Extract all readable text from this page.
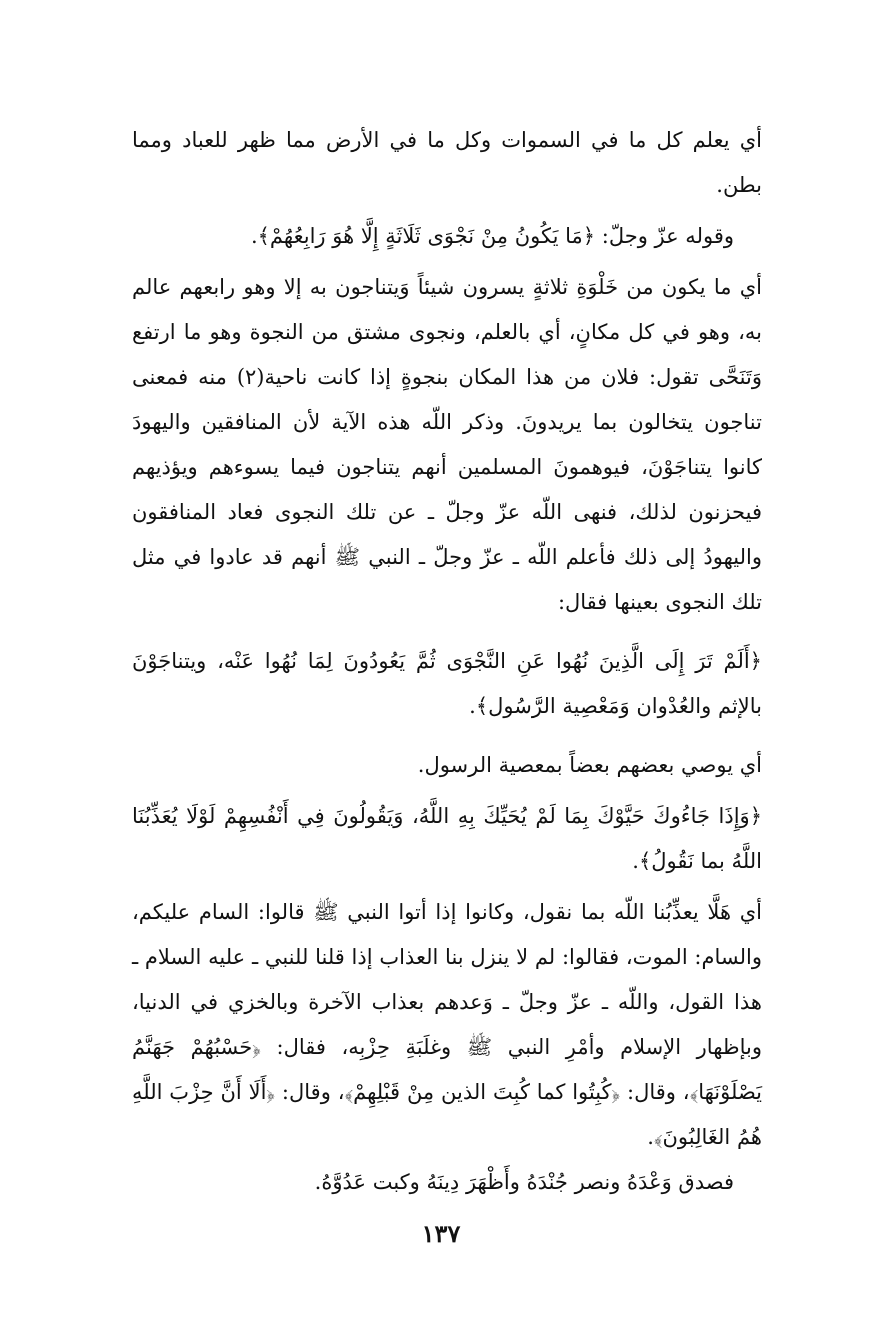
أي يعلم كل ما في السموات وكل ما في الأرض مما ظهر للعباد ومما بطن.

وقوله عزّ وجلّ: ﴿مَا يَكُونُ مِنْ نَجْوَى ثَلَاثَةٍ إِلَّا هُوَ رَابِعُهُمْ﴾.

أي ما يكون من خَلْوَةِ ثلاثةٍ يسرون شيئاً وَيتناجون به إلا وهو رابعهم عالم به، وهو في كل مكانٍ، أي بالعلم، ونجوى مشتق من النجوة وهو ما ارتفع وَتَنَحَّى تقول: فلان من هذا المكان بنجوةٍ إذا كانت ناحية(٢) منه فمعنى تناجون يتخالون بما يريدونَ. وذكر اللّه هذه الآية لأن المنافقين واليهودَ كانوا يتناجَوْنَ، فيوهمونَ المسلمين أنهم يتناجون فيما يسوءهم ويؤذيهم فيحزنون لذلك، فنهى اللّه عزّ وجلّ ـ عن تلك النجوى فعاد المنافقون واليهودُ إلى ذلك فأعلم اللّه ـ عزّ وجلّ ـ النبي ﷺ أنهم قد عادوا في مثل تلك النجوى بعينها فقال:

﴿أَلَمْ تَرَ إِلَى الَّذِينَ نُهُوا عَنِ النَّجْوَى ثُمَّ يَعُودُونَ لِمَا نُهُوا عَنْه، ويتناجَوْنَ بالإثم والعُدْوان وَمَعْصِية الرَّسُول﴾.

أي يوصي بعضهم بعضاً بمعصية الرسول.

﴿وَإِذَا جَاءُوكَ حَيَّوْكَ بِمَا لَمْ يُحَيِّكَ بِهِ اللَّهُ، وَيَقُولُونَ فِي أَنْفُسِهِمْ لَوْلَا يُعَذِّبُنَا اللَّهُ بما نَقُولُ﴾.

أي هَلَّا يعذِّبُنا اللّه بما نقول، وكانوا إذا أتوا النبي ﷺ قالوا: السام عليكم، والسام: الموت، فقالوا: لم لا ينزل بنا العذاب إذا قلنا للنبي ـ عليه السلام ـ هذا القول، واللّه ـ عزّ وجلّ ـ وَعدهم بعذاب الآخرة وبالخزي في الدنيا، وبإظهار الإسلام وأمْرِ النبي ﷺ وغلَبَةِ حِزْبِه، فقال: ﴿حَسْبُهُمْ جَهَنَّمُ يَصْلَوْنَهَا﴾، وقال: ﴿كُبِتُوا كما كُبِتَ الذين مِنْ قَبْلِهِمْ﴾، وقال: ﴿أَلَا أَنَّ حِزْبَ اللَّهِ هُمُ الغَالِبُونَ﴾.

فصدق وَعْدَهُ ونصر جُنْدَهُ وأَظْهَرَ دِينَهُ وكبت عَدُوَّهُ.

١٣٧
